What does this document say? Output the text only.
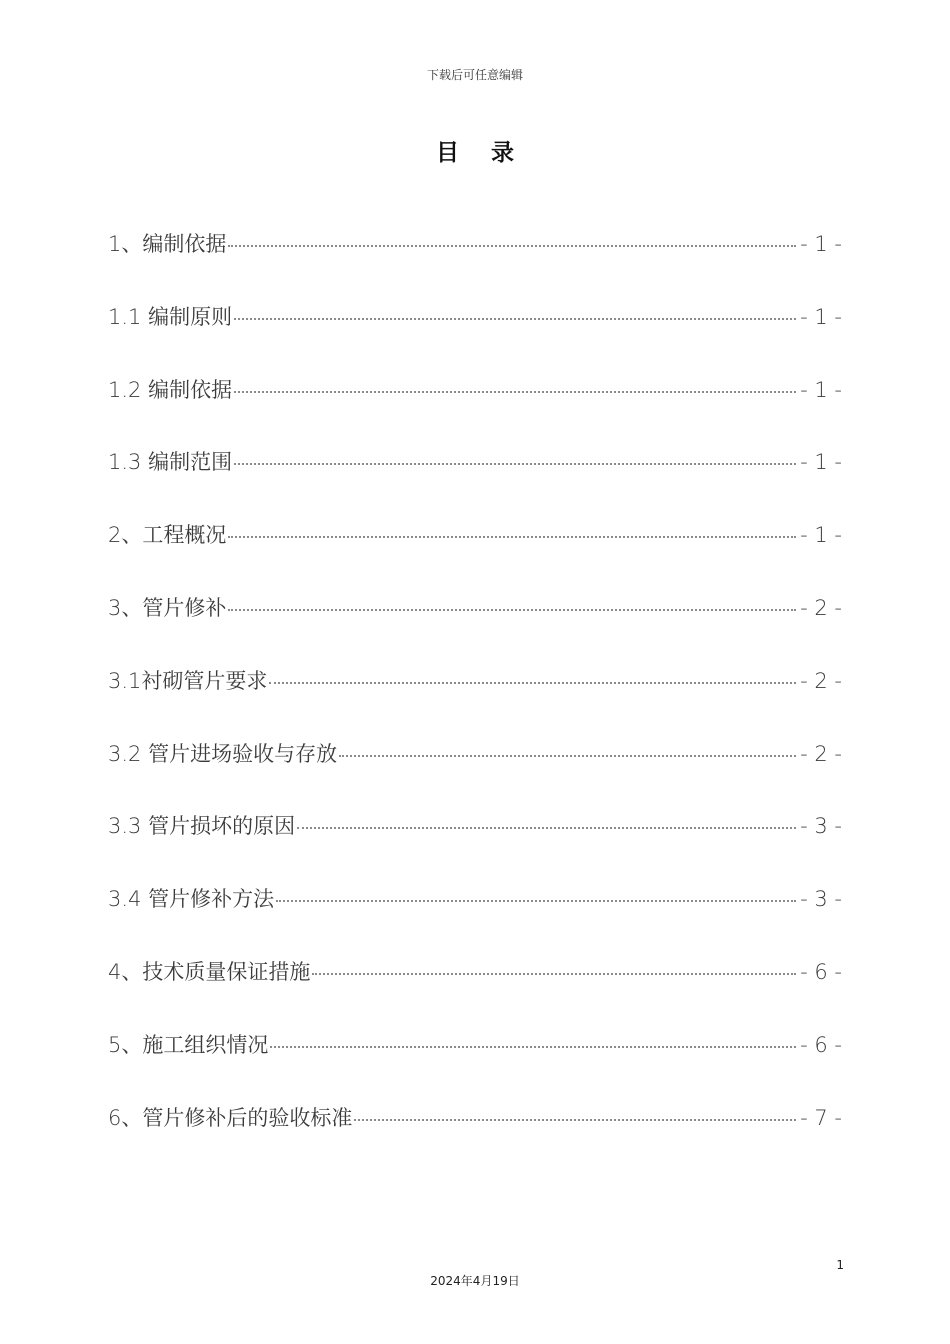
下载后可任意编辑
目 录
1、编制依据	- 1 -
1.1 编制原则	- 1 -
1.2 编制依据	- 1 -
1.3 编制范围	- 1 -
2、工程概况	- 1 -
3、管片修补	- 2 -
3.1衬砌管片要求	- 2 -
3.2 管片进场验收与存放	- 2 -
3.3 管片损坏的原因	- 3 -
3.4 管片修补方法	- 3 -
4、技术质量保证措施	- 6 -
5、施工组织情况	- 6 -
6、管片修补后的验收标准	- 7 -
1
2024年4月19日
